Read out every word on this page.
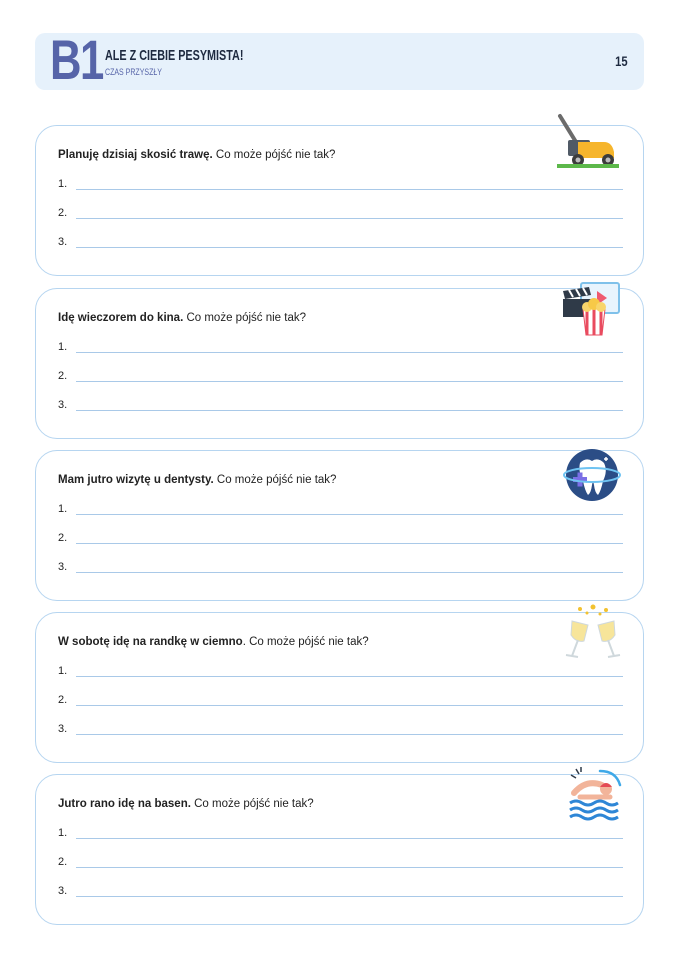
B1 ALE Z CIEBIE PESYMISTA!
CZAS PRZYSZŁY
15
Planuję dzisiaj skosić trawę. Co może pójść nie tak?
1.
2.
3.
Idę wieczorem do kina. Co może pójść nie tak?
1.
2.
3.
Mam jutro wizytę u dentysty. Co może pójść nie tak?
1.
2.
3.
W sobotę idę na randkę w ciemno. Co może pójść nie tak?
1.
2.
3.
Jutro rano idę na basen. Co może pójść nie tak?
1.
2.
3.
